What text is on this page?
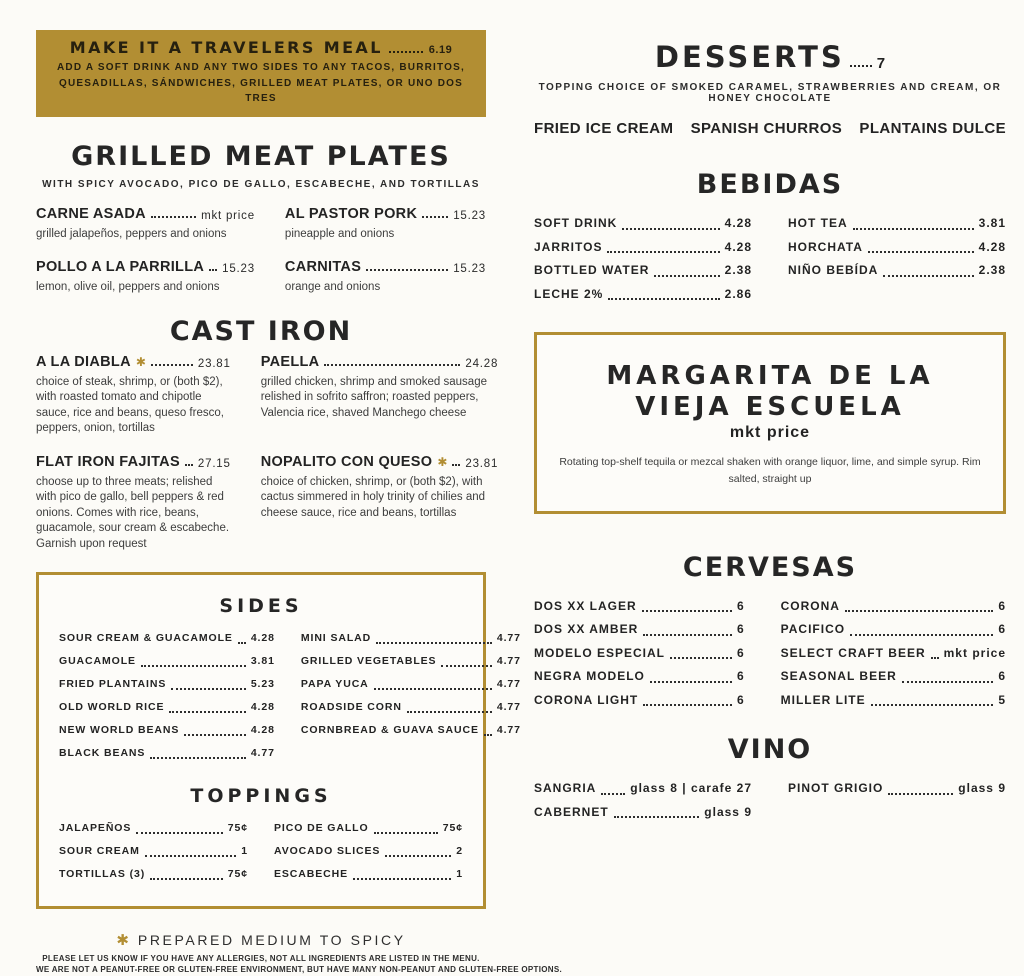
MAKE IT A TRAVELERS MEAL	6.19

ADD A SOFT DRINK AND ANY TWO SIDES TO ANY TACOS, BURRITOS, QUESADILLAS, SÁNDWICHES, GRILLED MEAT PLATES, OR UNO DOS TRES

GRILLED MEAT PLATES

WITH SPICY AVOCADO, PICO DE GALLO, ESCABECHE, AND TORTILLAS

CARNE ASADA	mkt price

grilled jalapeños, peppers and onions

AL PASTOR PORK	15.23

pineapple and onions

POLLO A LA PARRILLA 15.23

lemon, olive oil, peppers and onions

CARNITAS	15.23

orange and onions

CAST IRON
A LA DIABLA ✱	23.81

choice of steak, shrimp, or (both $2), with roasted tomato and chipotle sauce, rice and beans, queso fresco, peppers, onion, tortillas

PAELLA	24.28

grilled chicken, shrimp and smoked sausage relished in sofrito saffron; roasted peppers, Valencia rice, shaved Manchego cheese

FLAT IRON FAJITAS 27.15

choose up to three meats; relished with pico de gallo, bell peppers & red onions. Comes with rice, beans, guacamole, sour cream & escabeche. Garnish upon request

NOPALITO CON QUESO ✱ 23.81

choice of chicken, shrimp, or (both $2), with cactus simmered in holy trinity of chilies and cheese sauce, rice and beans, tortillas

SIDES
SOUR CREAM & GUACAMOLE 4.28
GUACAMOLE	3.81
FRIED PLANTAINS	5.23
OLD WORLD RICE	4.28
NEW WORLD BEANS	4.28
BLACK BEANS	4.77
MINI SALAD	4.77
GRILLED VEGETABLES	4.77
PAPA YUCA	4.77
ROADSIDE CORN	4.77
CORNBREAD & GUAVA SAUCE 4.77
TOPPINGS
JALAPEÑOS	75¢
SOUR CREAM	1
TORTILLAS (3)	75¢
PICO DE GALLO	75¢
AVOCADO SLICES	2
ESCABECHE	1
✱ PREPARED MEDIUM TO SPICY

PLEASE LET US KNOW IF YOU HAVE ANY ALLERGIES, NOT ALL INGREDIENTS ARE LISTED IN THE MENU.

WE ARE NOT A PEANUT-FREE OR GLUTEN-FREE ENVIRONMENT, BUT HAVE MANY NON-PEANUT AND GLUTEN-FREE OPTIONS.

DESSERTS 7

TOPPING CHOICE OF SMOKED CARAMEL, STRAWBERRIES AND CREAM, OR HONEY CHOCOLATE

FRIED ICE CREAM SPANISH CHURROS PLANTAINS DULCE
BEBIDAS
SOFT DRINK	4.28
JARRITOS	4.28
BOTTLED WATER	2.38
LECHE 2%	2.86
HOT TEA	3.81
HORCHATA	4.28
NIÑO BEBÍDA	2.38
MARGARITA DE LA VIEJA ESCUELA
mkt price

Rotating top-shelf tequila or mezcal shaken with orange liquor, lime, and simple syrup. Rim salted, straight up

CERVESAS
DOS XX LAGER	6
DOS XX AMBER	6
MODELO ESPECIAL	6
NEGRA MODELO	6
CORONA LIGHT	6
CORONA	6
PACIFICO	6
SELECT CRAFT BEER mkt price
SEASONAL BEER	6
MILLER LITE	5
VINO
SANGRIA	glass 8 | carafe 27
CABERNET	glass 9
PINOT GRIGIO	glass 9
